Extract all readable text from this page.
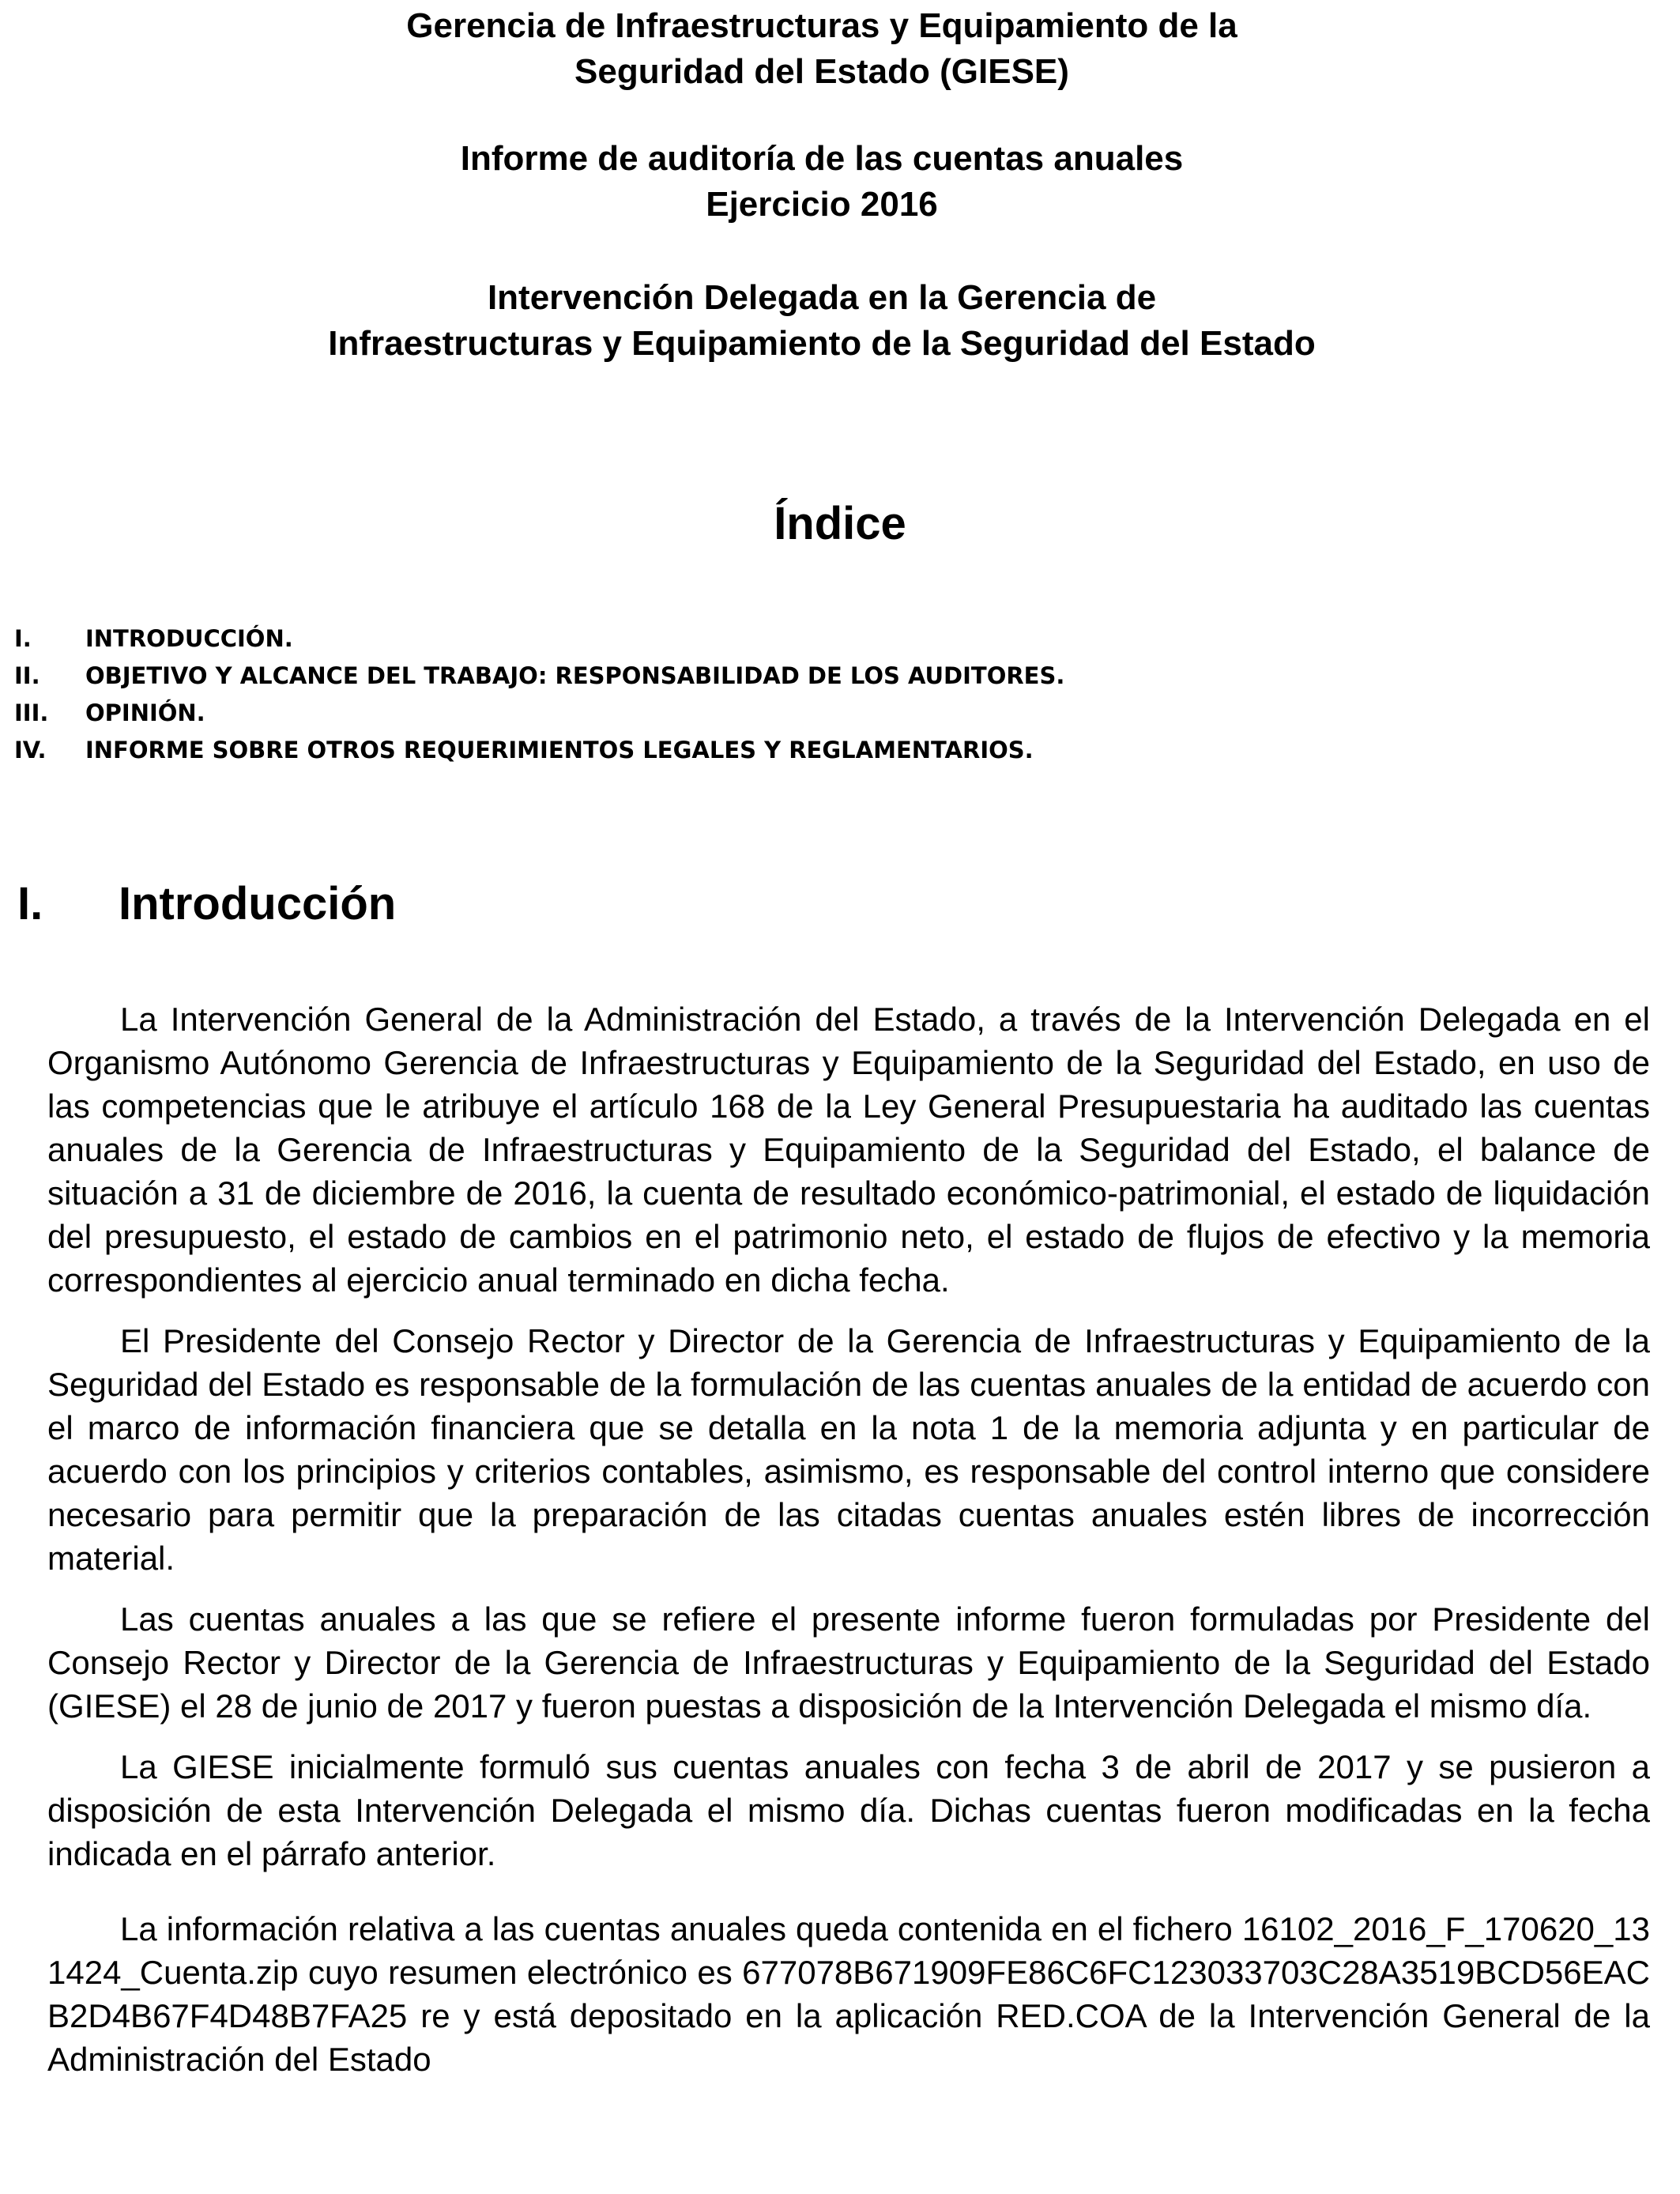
Gerencia de Infraestructuras y Equipamiento de la
Seguridad del Estado (GIESE)
Informe de auditoría de las cuentas anuales
Ejercicio 2016
Intervención Delegada en la Gerencia de
Infraestructuras y Equipamiento de la Seguridad del Estado
Índice
I. INTRODUCCIÓN.
II. OBJETIVO Y ALCANCE DEL TRABAJO: RESPONSABILIDAD DE LOS AUDITORES.
III. OPINIÓN.
IV. INFORME SOBRE OTROS REQUERIMIENTOS LEGALES Y REGLAMENTARIOS.
I. Introducción

La Intervención General de la Administración del Estado, a través de la Intervención Delegada en el Organismo Autónomo Gerencia de Infraestructuras y Equipamiento de la Seguridad del Estado, en uso de las competencias que le atribuye el artículo 168 de la Ley General Presupuestaria ha auditado las cuentas anuales de la Gerencia de Infraestructuras y Equipamiento de la Seguridad del Estado, el balance de situación a 31 de diciembre de 2016, la cuenta de resultado económico-patrimonial, el estado de liquidación del presupuesto, el estado de cambios en el patrimonio neto, el estado de flujos de efectivo y la memoria correspondientes al ejercicio anual terminado en dicha fecha.

El Presidente del Consejo Rector y Director de la Gerencia de Infraestructuras y Equipamiento de la Seguridad del Estado es responsable de la formulación de las cuentas anuales de la entidad de acuerdo con el marco de información financiera que se detalla en la nota 1 de la memoria adjunta y en particular de acuerdo con los principios y criterios contables, asimismo, es responsable del control interno que considere necesario para permitir que la preparación de las citadas cuentas anuales estén libres de incorrección material.

Las cuentas anuales a las que se refiere el presente informe fueron formuladas por Presidente del Consejo Rector y Director de la Gerencia de Infraestructuras y Equipamiento de la Seguridad del Estado (GIESE) el 28 de junio de 2017 y fueron puestas a disposición de la Intervención Delegada el mismo día.

La GIESE inicialmente formuló sus cuentas anuales con fecha 3 de abril de 2017 y se pusieron a disposición de esta Intervención Delegada el mismo día. Dichas cuentas fueron modificadas en la fecha indicada en el párrafo anterior.

La información relativa a las cuentas anuales queda contenida en el fichero 16102_2016_F_170620_131424_Cuenta.zip cuyo resumen electrónico es 677078B671909FE86C6FC123033703C28A3519BCD56EACB2D4B67F4D48B7FA25 re y está depositado en la aplicación RED.COA de la Intervención General de la Administración del Estado
